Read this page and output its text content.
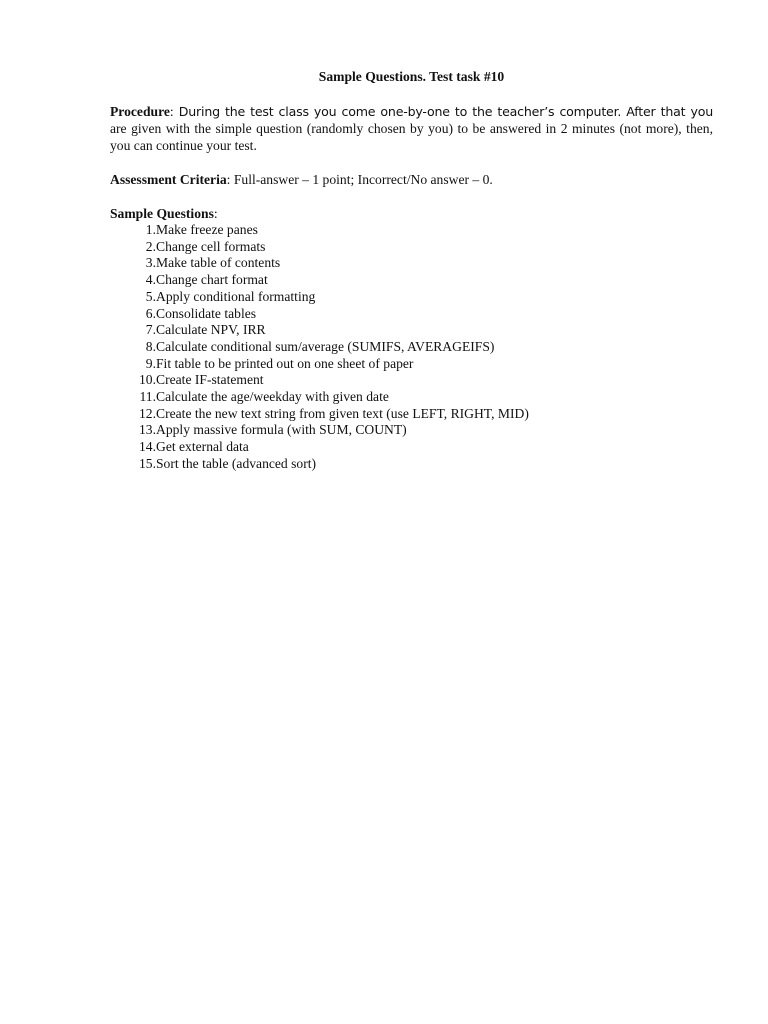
Sample Questions. Test task #10

Procedure: During the test class you come one-by-one to the teacher’s computer. After that you are given with the simple question (randomly chosen by you) to be answered in 2 minutes (not more), then, you can continue your test.

Assessment Criteria: Full-answer – 1 point; Incorrect/No answer – 0.

Sample Questions:

1. Make freeze panes
2. Change cell formats
3. Make table of contents
4. Change chart format
5. Apply conditional formatting
6. Consolidate tables
7. Calculate NPV, IRR
8. Calculate conditional sum/average (SUMIFS, AVERAGEIFS)
9. Fit table to be printed out on one sheet of paper
10. Create IF-statement
11. Calculate the age/weekday with given date
12. Create the new text string from given text (use LEFT, RIGHT, MID)
13. Apply massive formula (with SUM, COUNT)
14. Get external data
15. Sort the table (advanced sort)
